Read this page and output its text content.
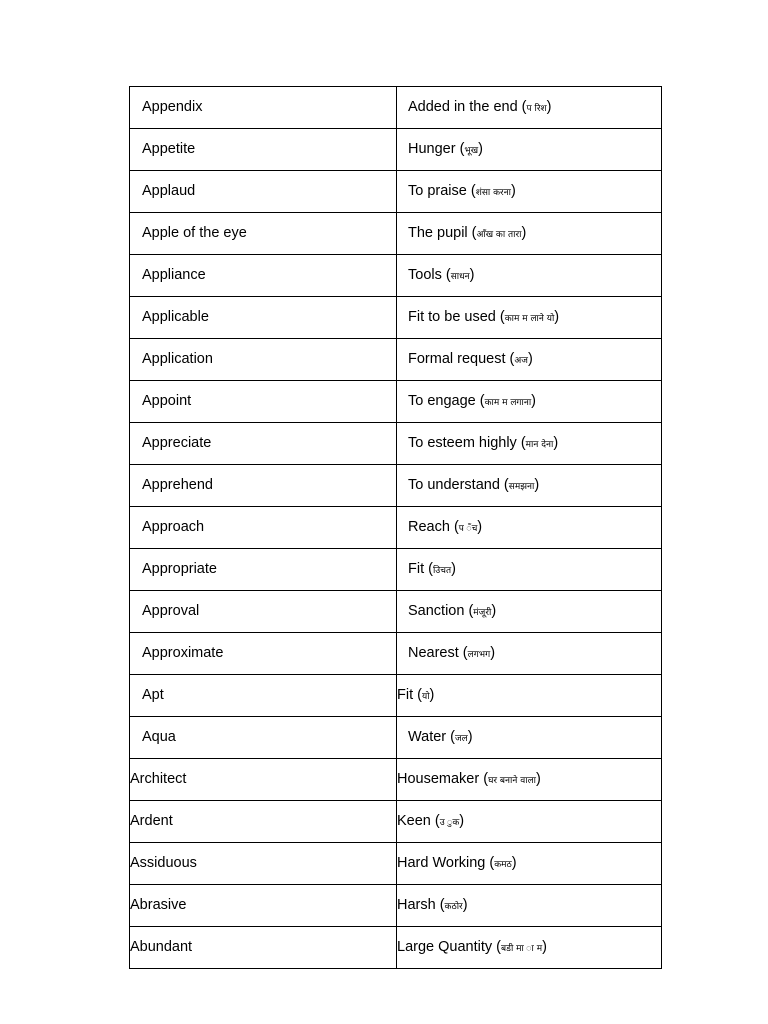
Appendix	Added in the end (प रिश)
Appetite	Hunger (भूख)
Applaud	To praise (शंसा करना)
Apple of the eye	The pupil (आँख का तारा)
Appliance	Tools (साधन)
Applicable	Fit to be used (काम म लाने यो)
Application	Formal request (अज)
Appoint	To engage (काम म लगाना)
Appreciate	To esteem highly (मान देना)
Apprehend	To understand (समझना)
Approach	Reach (प ँच)
Appropriate	Fit (उिचत)
Approval	Sanction (मंजूरी)
Approximate	Nearest (लगभग)
Apt	Fit (यो)
Aqua	Water (जल)
Architect	Housemaker (घर बनाने वाला)
Ardent	Keen (उ ुक)
Assiduous	Hard Working (कमठ)
Abrasive	Harsh (कठोर)
Abundant	Large Quantity (बडी मा ा म)
